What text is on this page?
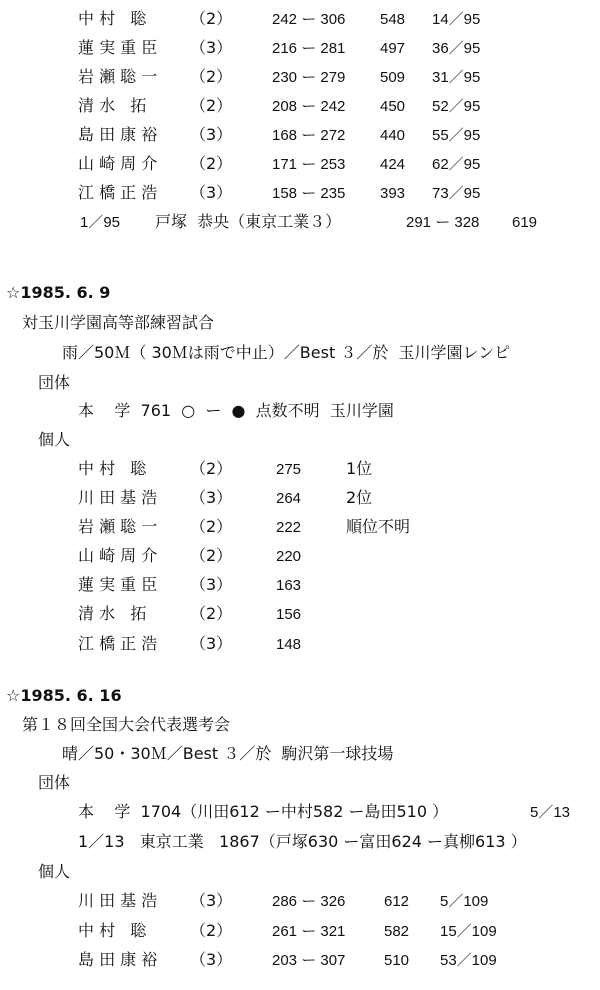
中 村   聡	（2）	242 ー 306 548 14／95
蓮 実 重 臣 （3）	216 ー 281 497 36／95
岩 瀬 聡 一 （2）	230 ー 279 509 31／95
清 水   拓	（2）	208 ー 242 450 52／95
島 田 康 裕 （3）	168 ー 272 440 55／95
山 崎 周 介 （2）	171 ー 253 424 62／95
江 橋 正 浩 （3）	158 ー 235 393 73／95
1／95 戸塚  恭央（東京工業３）	291 ー 328 619
☆1985. 6. 9
対玉川学園高等部練習試合
雨／50Ｍ（ 30Ｍは雨で中止）／Best ３／於  玉川学園レンピ
団体
本    学  761  ○  ー  ●  点数不明  玉川学園
個人
中 村   聡	（2）	275	1位
川 田 基 浩 （3）	264	2位
岩 瀬 聡 一 （2）	222	順位不明
山 崎 周 介 （2）	220
蓮 実 重 臣 （3）	163
清 水   拓	（2）	156
江 橋 正 浩 （3）	148
☆1985. 6. 16
第１８回全国大会代表選考会
晴／50・30Ｍ／Best ３／於  駒沢第一球技場
団体
本    学  1704（川田612 ー中村582 ー島田510 ）	5／13
1／13   東京工業   1867（戸塚630 ー富田624 ー真柳613 ）
個人
川 田 基 浩 （3）	286 ー 326	612 5／109
中 村   聡	（2）	261 ー 321	582 15／109
島 田 康 裕 （3）	203 ー 307	510 53／109
